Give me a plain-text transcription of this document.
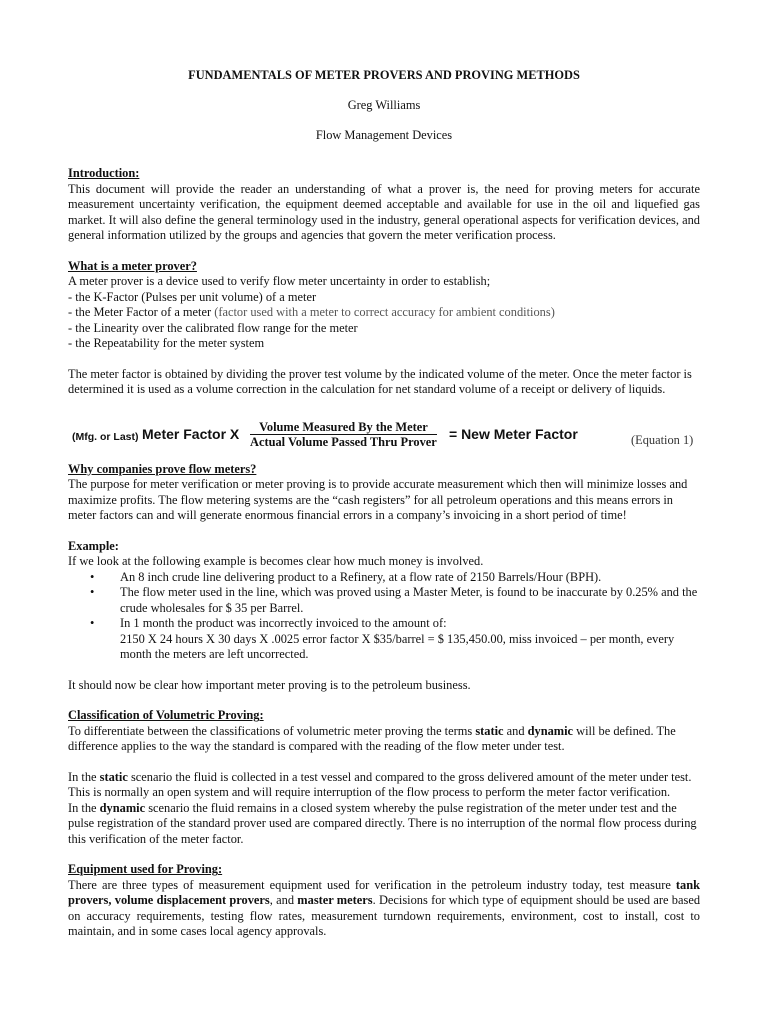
FUNDAMENTALS OF METER PROVERS AND PROVING METHODS
Greg Williams
Flow Management Devices
Introduction:

This document will provide the reader an understanding of what a prover is, the need for proving meters for accurate measurement uncertainty verification, the equipment deemed acceptable and available for use in the oil and liquefied gas market. It will also define the general terminology used in the industry, general operational aspects for verification devices, and general information utilized by the groups and agencies that govern the meter verification process.

What is a meter prover?

A meter prover is a device used to verify flow meter uncertainty in order to establish;

- the K-Factor (Pulses per unit volume) of a meter

- the Meter Factor of a meter (factor used with a meter to correct accuracy for ambient conditions)

- the Linearity over the calibrated flow range for the meter

- the Repeatability for the meter system

The meter factor is obtained by dividing the prover test volume by the indicated volume of the meter. Once the meter factor is determined it is used as a volume correction in the calculation for net standard volume of a receipt or delivery of liquids.

(Mfg. or Last) Meter Factor X	Volume Measured By the Meter
Actual Volume Passed Thru Prover = New Meter Factor	(Equation 1)
Why companies prove flow meters?

The purpose for meter verification or meter proving is to provide accurate measurement which then will minimize losses and maximize profits. The flow metering systems are the “cash registers” for all petroleum operations and this means errors in meter factors can and will generate enormous financial errors in a company’s invoicing in a short period of time!

Example:

If we look at the following example is becomes clear how much money is involved.

• An 8 inch crude line delivering product to a Refinery, at a flow rate of 2150 Barrels/Hour (BPH).
• The flow meter used in the line, which was proved using a Master Meter, is found to be inaccurate by 0.25% and the crude wholesales for $ 35 per Barrel.
• In 1 month the product was incorrectly invoiced to the amount of:

2150 X 24 hours X 30 days X .0025 error factor X $35/barrel = $ 135,450.00, miss invoiced – per month, every

month the meters are left uncorrected.

It should now be clear how important meter proving is to the petroleum business.

Classification of Volumetric Proving:

To differentiate between the classifications of volumetric meter proving the terms static and dynamic will be defined. The difference applies to the way the standard is compared with the reading of the flow meter under test.

In the static scenario the fluid is collected in a test vessel and compared to the gross delivered amount of the meter under test. This is normally an open system and will require interruption of the flow process to perform the meter factor verification.

In the dynamic scenario the fluid remains in a closed system whereby the pulse registration of the meter under test and the pulse registration of the standard prover used are compared directly. There is no interruption of the normal flow process during this verification of the meter factor.

Equipment used for Proving:

There are three types of measurement equipment used for verification in the petroleum industry today, test measure tank provers, volume displacement provers, and master meters. Decisions for which type of equipment should be used are based on accuracy requirements, testing flow rates, measurement turndown requirements, environment, cost to install, cost to maintain, and in some cases local agency approvals.
